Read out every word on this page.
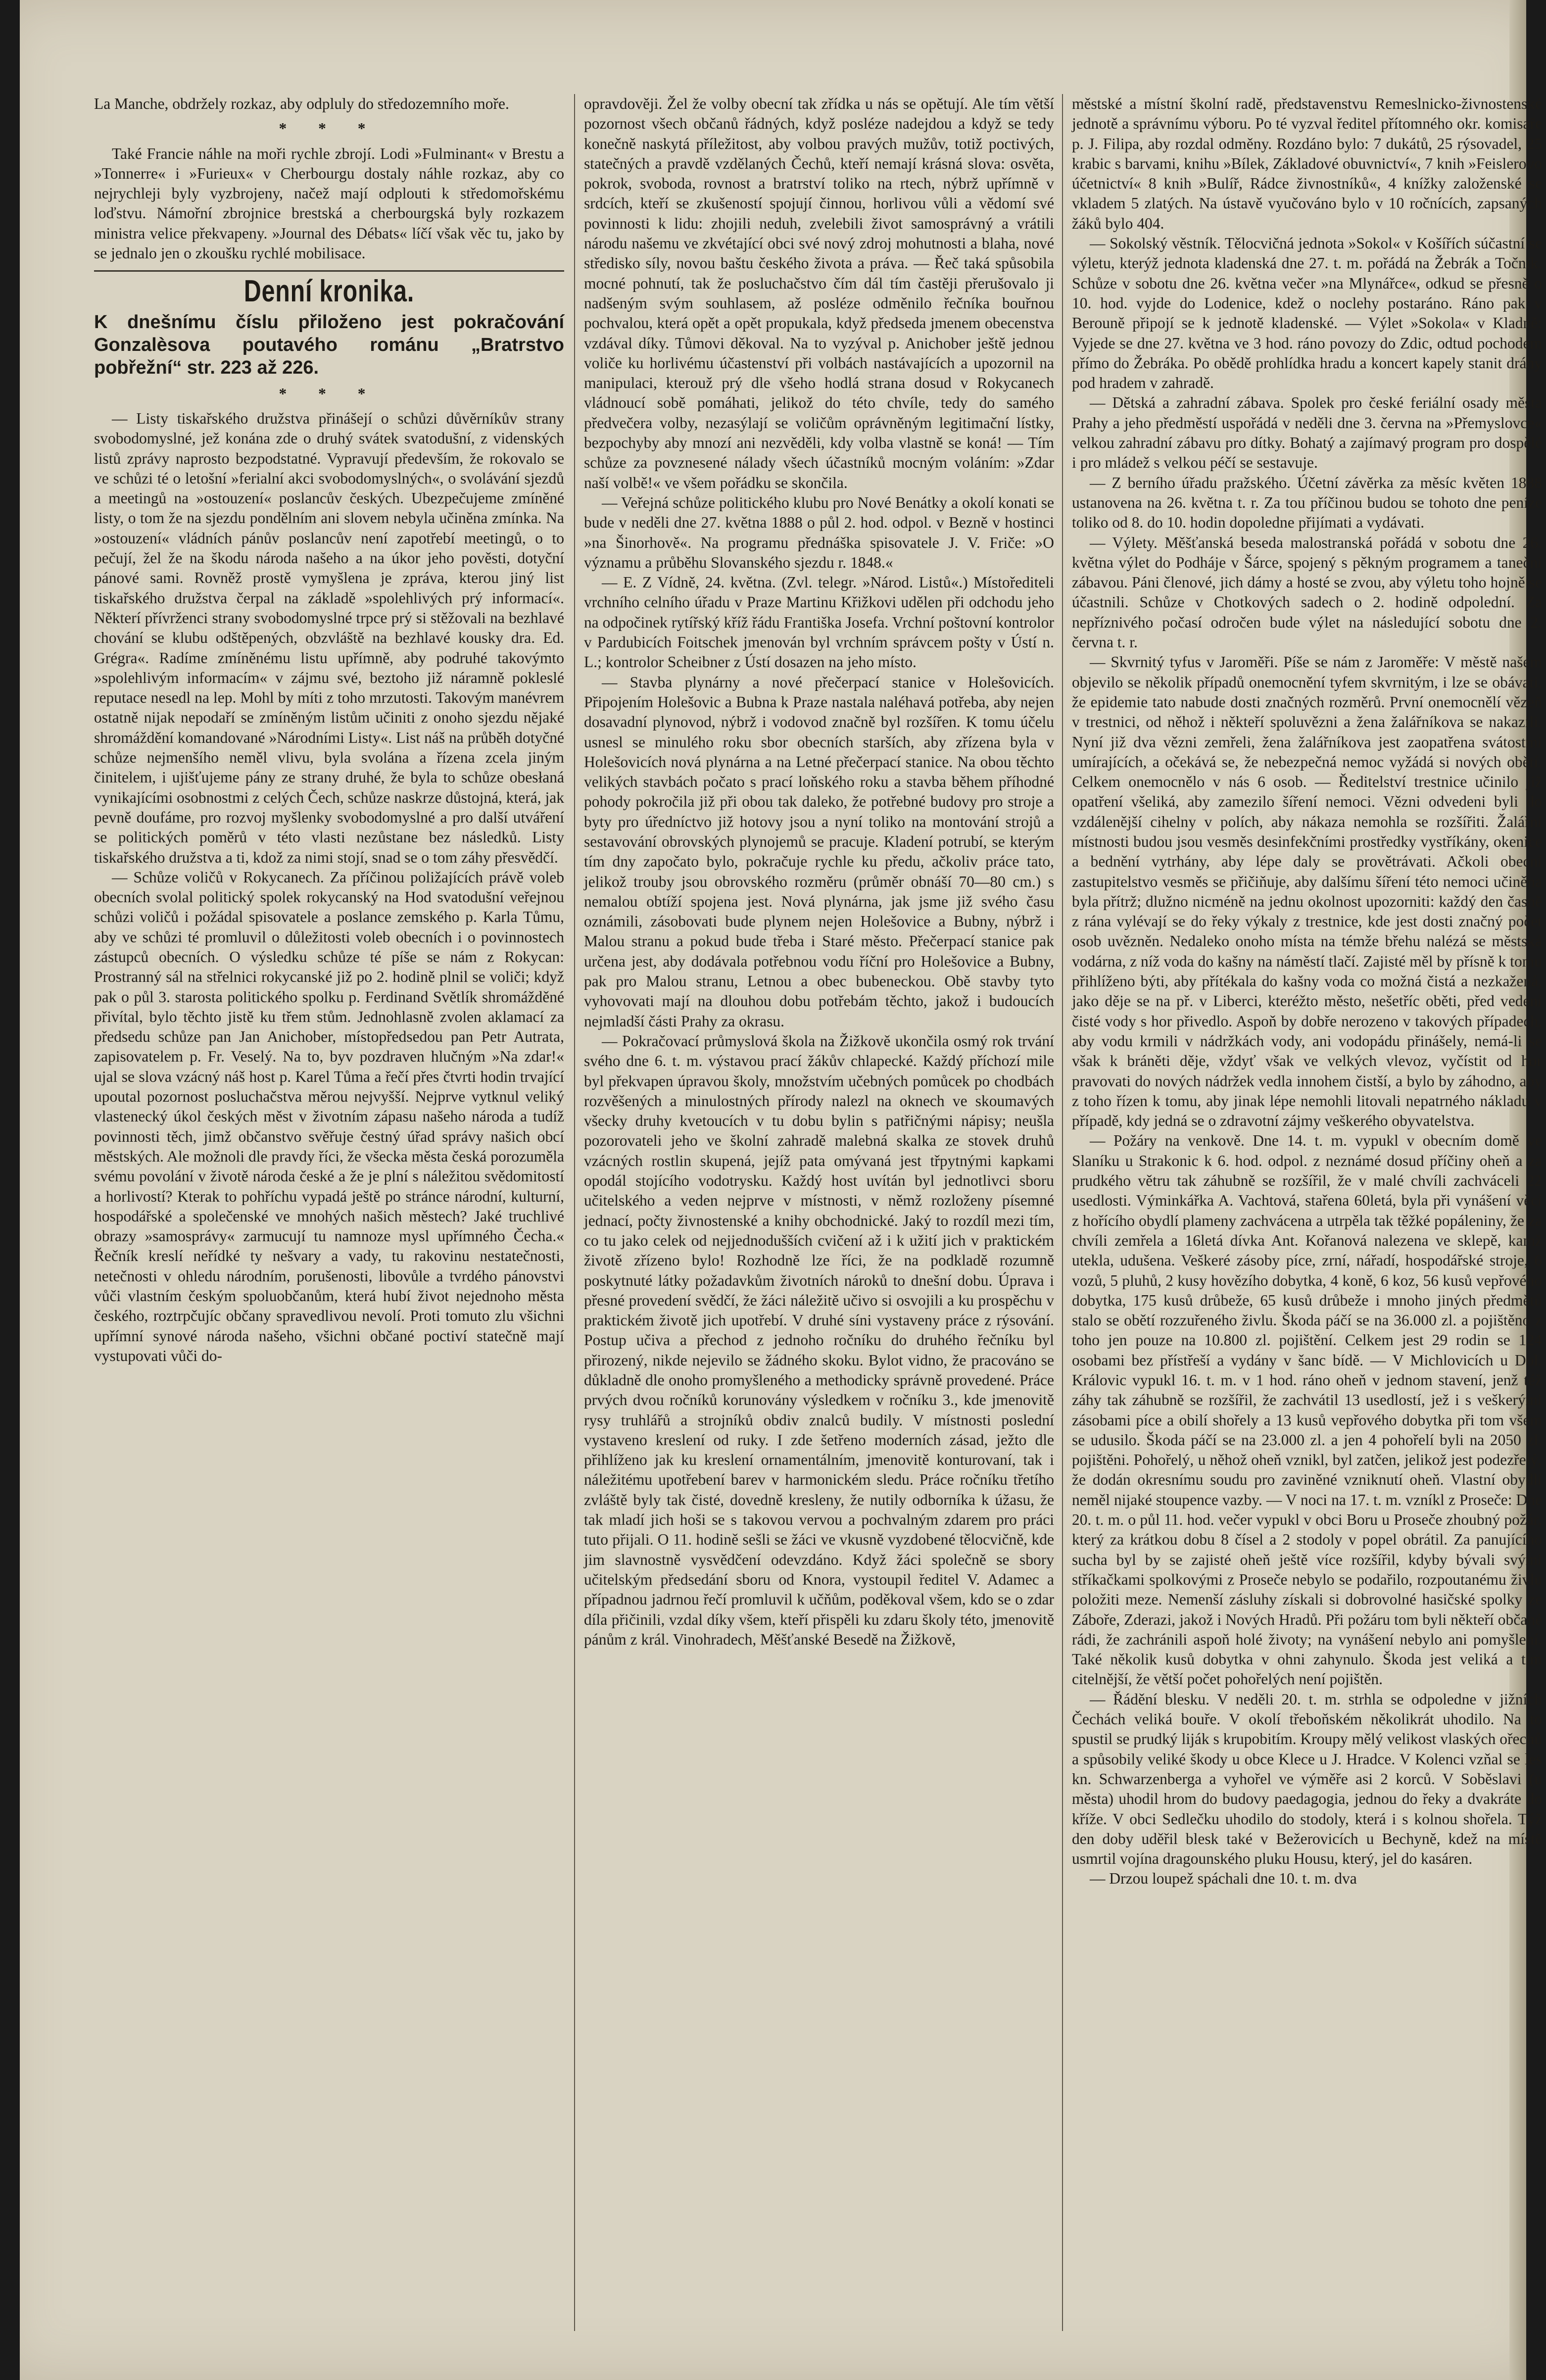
La Manche, obdržely rozkaz, aby odpluly do středozemního moře.

* * *

Také Francie náhle na moři rychle zbrojí. Lodi »Fulminant« v Brestu a »Tonnerre« i »Furieux« v Cherbourgu dostaly náhle rozkaz, aby co nejrychleji byly vyzbrojeny, načež mají odplouti k středomořskému loďstvu. Námořní zbrojnice brestská a cherbourgská byly rozkazem ministra velice překvapeny. »Journal des Débats« líčí však věc tu, jako by se jednalo jen o zkoušku rychlé mobilisace.

Denní kronika.
K dnešnímu číslu přiloženo jest pokračování Gonzalèsova poutavého románu „Bratrstvo pobřežní“ str. 223 až 226.
* * *

— Listy tiskařského družstva přinášejí o schůzi důvěrníkův strany svobodomyslné, jež konána zde o druhý svátek svatodušní, z videnských listů zprávy naprosto bezpodstatné. Vypravují především, že rokovalo se ve schůzi té o letošní »ferialní akci svobodomyslných«, o svolávání sjezdů a meetingů na »ostouzení« poslancův českých. Ubezpečujeme zmíněné listy, o tom že na sjezdu pondělním ani slovem nebyla učiněna zmínka. Na »ostouzení« vládních pánův poslancův není zapotřebí meetingů, o to pečují, žel že na škodu národa našeho a na úkor jeho pověsti, dotyční pánové sami. Rovněž prostě vymyšlena je zpráva, kterou jiný list tiskařského družstva čerpal na základě »spolehlivých prý informací«. Některí přívrženci strany svobodomyslné trpce prý si stěžovali na bezhlavé chování se klubu odštěpených, obzvláště na bezhlavé kousky dra. Ed. Grégra«. Radíme zmíněnému listu upřímně, aby podruhé takovýmto »spolehlivým informacím« v zájmu své, beztoho již náramně pokleslé reputace nesedl na lep. Mohl by míti z toho mrzutosti. Takovým manévrem ostatně nijak nepodaří se zmíněným listům učiniti z onoho sjezdu nějaké shromáždění komandované »Národními Listy«. List náš na průběh dotyčné schůze nejmenšího neměl vlivu, byla svolána a řízena zcela jiným činitelem, i ujišťujeme pány ze strany druhé, že byla to schůze obesłaná vynikajícími osobnostmi z celých Čech, schůze naskrze důstojná, která, jak pevně doufáme, pro rozvoj myšlenky svobodomyslné a pro další utváření se politických poměrů v této vlasti nezůstane bez následků. Listy tiskařského družstva a ti, kdož za nimi stojí, snad se o tom záhy přesvědčí.

— Schůze voličů v Rokycanech. Za příčinou poližajících právě voleb obecních svolal politický spolek rokycanský na Hod svatodušní veřejnou schůzi voličů i požádal spisovatele a poslance zemského p. Karla Tůmu, aby ve schůzi té promluvil o důležitosti voleb obecních i o povinnostech zástupců obecních. O výsledku schůze té píše se nám z Rokycan: Prostranný sál na střelnici rokycanské již po 2. hodině plnil se voliči; když pak o půl 3. starosta politického spolku p. Ferdinand Světlík shromážděné přivítal, bylo těchto jistě ku třem stům. Jednohlasně zvolen aklamací za předsedu schůze pan Jan Anichober, místopředsedou pan Petr Autrata, zapisovatelem p. Fr. Veselý. Na to, byv pozdraven hlučným »Na zdar!« ujal se slova vzácný náš host p. Karel Tůma a řečí přes čtvrti hodin trvající upoutal pozornost posluchačstva měrou nejvyšší. Nejprve vytknul veliký vlastenecký úkol českých měst v životním zápasu našeho národa a tudíž povinnosti těch, jimž občanstvo svěřuje čestný úřad správy našich obcí městských. Ale možnoli dle pravdy říci, že všecka města česká porozuměla svému povolání v životě národa české a že je plní s náležitou svědomitostí a horlivostí? Kterak to pohříchu vypadá ještě po stránce národní, kulturní, hospodářské a společenské ve mnohých našich městech? Jaké truchlivé obrazy »samosprávy« zarmucují tu namnoze mysl upřímného Čecha.« Řečník kreslí neřídké ty nešvary a vady, tu rakovinu nestatečnosti, netečnosti v ohledu národním, porušenosti, libovůle a tvrdého pánovstvi vůči vlastním českým spoluobčanům, která hubí život nejednoho města českého, roztrpčujíc občany spravedlivou nevolí. Proti tomuto zlu všichni upřímní synové národa našeho, všichni občané poctiví statečně mají vystupovati vůči do-

opravdověji. Žel že volby obecní tak zřídka u nás se opětují. Ale tím větší pozornost všech občanů řádných, když posléze nadejdou a když se tedy konečně naskytá příležitost, aby volbou pravých mužův, totiž poctivých, statečných a pravdě vzdělaných Čechů, kteří nemají krásná slova: osvěta, pokrok, svoboda, rovnost a bratrství toliko na rtech, nýbrž upřímně v srdcích, kteří se zkušeností spojují činnou, horlivou vůli a vědomí své povinnosti k lidu: zhojili neduh, zvelebili život samosprávný a vrátili národu našemu ve zkvétající obci své nový zdroj mohutnosti a blaha, nové středisko síly, novou baštu českého života a práva. — Řeč taká spůsobila mocné pohnutí, tak že posluchačstvo čím dál tím častěji přerušovalo ji nadšeným svým souhlasem, až posléze odměnilo řečníka bouřnou pochvalou, která opět a opět propukala, když předseda jmenem obecenstva vzdával díky. Tůmovi děkoval. Na to vyzýval p. Anichober ještě jednou voliče ku horlivému účastenství při volbách nastávajících a upozornil na manipulaci, kterouž prý dle všeho hodlá strana dosud v Rokycanech vládnoucí sobě pomáhati, jelikož do této chvíle, tedy do samého předvečera volby, nezasýlají se voličům oprávněným legitimační lístky, bezpochyby aby mnozí ani nezvěděli, kdy volba vlastně se koná! — Tím schůze za povznesené nálady všech účastníků mocným voláním: »Zdar naší volbě!« ve všem pořádku se skončila.

— Veřejná schůze politického klubu pro Nové Benátky a okolí konati se bude v neděli dne 27. května 1888 o půl 2. hod. odpol. v Bezně v hostinci »na Šinorhově«. Na programu přednáška spisovatele J. V. Friče: »O významu a průběhu Slovanského sjezdu r. 1848.«

— E. Z Vídně, 24. května. (Zvl. telegr. »Národ. Listů«.) Místořediteli vrchního celního úřadu v Praze Martinu Křižkovi udělen při odchodu jeho na odpočinek rytířský kříž řádu Františka Josefa. Vrchní poštovní kontrolor v Pardubicích Foitschek jmenován byl vrchním správcem pošty v Ústí n. L.; kontrolor Scheibner z Ústí dosazen na jeho místo.

— Stavba plynárny a nové přečerpací stanice v Holešovicích. Připojením Holešovic a Bubna k Praze nastala naléhavá potřeba, aby nejen dosavadní plynovod, nýbrž i vodovod značně byl rozšířen. K tomu účelu usnesl se minulého roku sbor obecních starších, aby zřízena byla v Holešovicích nová plynárna a na Letné přečerpací stanice. Na obou těchto velikých stavbách počato s prací loňského roku a stavba během příhodné pohody pokročila již při obou tak daleko, že potřebné budovy pro stroje a byty pro úředníctvo již hotovy jsou a nyní toliko na montování strojů a sestavování obrovských plynojemů se pracuje. Kladení potrubí, se kterým tím dny započato bylo, pokračuje rychle ku předu, ačkoliv práce tato, jelikož trouby jsou obrovského rozměru (průměr obnáší 70—80 cm.) s nemalou obtíží spojena jest. Nová plynárna, jak jsme již svého času oznámili, zásobovati bude plynem nejen Holešovice a Bubny, nýbrž i Malou stranu a pokud bude třeba i Staré město. Přečerpací stanice pak určena jest, aby dodávala potřebnou vodu říční pro Holešovice a Bubny, pak pro Malou stranu, Letnou a obec bubeneckou. Obě stavby tyto vyhovovati mají na dlouhou dobu potřebám těchto, jakož i budoucích nejmladší části Prahy za okrasu.

— Pokračovací průmyslová škola na Žižkově ukončila osmý rok trvání svého dne 6. t. m. výstavou prací žákův chlapecké. Každý příchozí mile byl překvapen úpravou školy, množstvím učebných pomůcek po chodbách rozvěšených a minulostných přírody nalezl na oknech ve skoumavých všecky druhy kvetoucích v tu dobu bylin s patřičnými nápisy; neušla pozorovateli jeho ve školní zahradě malebná skalka ze stovek druhů vzácných rostlin skupená, jejíž pata omývaná jest třpytnými kapkami opodál stojícího vodotrysku. Každý host uvítán byl jednotlivci sboru učitelského a veden nejprve v místnosti, v němž rozloženy písemné jednací, počty živnostenské a knihy obchodnické. Jaký to rozdíl mezi tím, co tu jako celek od nejjednodušších cvičení až i k užití jich v praktickém životě zřízeno bylo! Rozhodně lze říci, že na podkladě rozumně poskytnuté látky požadavkům životních nároků to dnešní dobu. Úprava i přesné provedení svědčí, že žáci náležitě učivo si osvojili a ku prospěchu v praktickém životě jich upotřebí. V druhé síni vystaveny práce z rýsování. Postup učiva a přechod z jednoho ročníku do druhého řečníku byl přirozený, nikde nejevilo se žádného skoku. Bylot vidno, že pracováno se důkladně dle onoho promyšleného a methodicky správně provedené. Práce prvých dvou ročníků korunovány výsledkem v ročníku 3., kde jmenovitě rysy truhlářů a strojníků obdiv znalců budily. V místnosti poslední vystaveno kreslení od ruky. I zde šetřeno moderních zásad, ježto dle přihlíženo jak ku kreslení ornamentálním, jmenovitě konturovaní, tak i náležitému upotřebení barev v harmonickém sledu. Práce ročníku třetího zvláště byly tak čisté, dovedně kresleny, že nutily odborníka k úžasu, že tak mladí jich hoši se s takovou vervou a pochvalným zdarem pro práci tuto přijali. O 11. hodině sešli se žáci ve vkusně vyzdobené tělocvičně, kde jim slavnostně vysvědčení odevzdáno. Když žáci společně se sbory učitelským předsedání sboru od Knora, vystoupil ředitel V. Adamec a případnou jadrnou řečí promluvil k učňům, poděkoval všem, kdo se o zdar díla přičinili, vzdal díky všem, kteří přispěli ku zdaru školy této, jmenovitě pánům z král. Vinohradech, Měšťanské Besedě na Žižkově,

městské a místní školní radě, představenstvu Remeslnicko-živnostenské jednotě a správnímu výboru. Po té vyzval ředitel přítomného okr. komisaře p. J. Filipa, aby rozdal odměny. Rozdáno bylo: 7 dukátů, 25 rýsovadel, 25 krabic s barvami, knihu »Bílek, Základové obuvnictví«, 7 knih »Feislerovo účetnictví« 8 knih »Bulíř, Rádce živnostníků«, 4 knížky založenské se vkladem 5 zlatých. Na ústavě vyučováno bylo v 10 ročnících, zapsaných žáků bylo 404.

— Sokolský věstník. Tělocvičná jednota »Sokol« v Košířích súčastní se výletu, kterýž jednota kladenská dne 27. t. m. pořádá na Žebrák a Točník. Schůze v sobotu dne 26. května večer »na Mlynářce«, odkud se přesně o 10. hod. vyjde do Lodenice, kdež o noclehy postaráno. Ráno pak v Berouně připojí se k jednotě kladenské. — Výlet »Sokola« v Kladně: Vyjede se dne 27. května ve 3 hod. ráno povozy do Zdic, odtud pochodem přímo do Žebráka. Po obědě prohlídka hradu a koncert kapely stanit dráhy pod hradem v zahradě.

— Dětská a zahradní zábava. Spolek pro české feriální osady města Prahy a jeho předměstí uspořádá v neděli dne 3. června na »Přemyslovce« velkou zahradní zábavu pro dítky. Bohatý a zajímavý program pro dospělé i pro mládež s velkou péčí se sestavuje.

— Z berního úřadu pražského. Účetní závěrka za měsíc květen 1888 ustanovena na 26. května t. r. Za tou příčinou budou se tohoto dne peníze toliko od 8. do 10. hodin dopoledne přijímati a vydávati.

— Výlety. Měšťanská beseda malostranská pořádá v sobotu dne 26. května výlet do Podháje v Šárce, spojený s pěkným programem a taneční zábavou. Páni členové, jich dámy a hosté se zvou, aby výletu toho hojně se účastnili. Schůze v Chotkových sadech o 2. hodině odpolední. Za nepříznivého počasí odročen bude výlet na následující sobotu dne 2. června t. r.

— Skvrnitý tyfus v Jaroměři. Píše se nám z Jaroměře: V městě našem objevilo se několik případů onemocnění tyfem skvrnitým, i lze se obávati, že epidemie tato nabude dosti značných rozměrů. První onemocnělí vězeň v trestnici, od něhož i někteří spoluvězni a žena žalářníkova se nakazili. Nyní již dva vězni zemřeli, žena žalářníkova jest zaopatřena svátostmi umírajících, a očekává se, že nebezpečná nemoc vyžádá si nových obětí. Celkem onemocnělo v nás 6 osob. — Ředitelství trestnice učinilo již opatření všeliká, aby zamezilo šíření nemoci. Vězni odvedeni byli do vzdálenější cihelny v polích, aby nákaza nemohla se rozšířiti. Žalářní místnosti budou jsou vesměs desinfekčními prostředky vystříkány, okenice a bednění vytrhány, aby lépe daly se provětrávati. Ačkoli obecní zastupitelstvo vesměs se přičiňuje, aby dalšímu šíření této nemoci učiněna byla přítrž; dlužno nicméně na jednu okolnost upozorniti: každý den časně z rána vylévají se do řeky výkaly z trestnice, kde jest dosti značný počet osob uvězněn. Nedaleko onoho místa na témže břehu nalézá se městská vodárna, z níž voda do kašny na náměstí tlačí. Zajisté měl by přísně k tomu přihlíženo býti, aby přítékala do kašny voda co možná čistá a nezkažená, jako děje se na př. v Liberci, kteréžto město, nešetříc oběti, před vedení čisté vody s hor přivedlo. Aspoň by dobře nerozeno v takových případech, aby vodu krmili v nádržkách vody, ani vodopádu přinášely, nemá-li se však k bráněti děje, vždyť však ve velkých vlevoz, vyčístit od hor pravovati do nových nádržek vedla innohem čistší, a bylo by záhodno, aby z toho řízen k tomu, aby jinak lépe nemohli litovali nepatrného nákladu v případě, kdy jedná se o zdravotní zájmy veškerého obyvatelstva.

— Požáry na venkově. Dne 14. t. m. vypukl v obecním domě ve Slaníku u Strakonic k 6. hod. odpol. z neznámé dosud příčiny oheň a za prudkého větru tak záhubně se rozšířil, že v malé chvíli zachváceli 22 usedlosti. Výminkářka A. Vachtová, stařena 60letá, byla při vynášení věcí z hořícího obydlí plameny zachvácena a utrpěla tak těžké popáleniny, že za chvíli zemřela a 16letá dívka Ant. Kořanová nalezena ve sklepě, kamž utekla, udušena. Veškeré zásoby píce, zrní, nářadí, hospodářské stroje, 6 vozů, 5 pluhů, 2 kusy hovězího dobytka, 4 koně, 6 koz, 56 kusů vepřového dobytka, 175 kusů drůbeže, 65 kusů drůbeže i mnoho jiných předmětů stalo se obětí rozzuřeného živlu. Škoda páčí se na 36.000 zl. a pojištěno z toho jen pouze na 10.800 zl. pojištění. Celkem jest 29 rodin se 124 osobami bez přístřeší a vydány v šanc bídě. — V Michlovicích u Dol. Královic vypukl 16. t. m. v 1 hod. ráno oheň v jednom stavení, jenž též záhy tak záhubně se rozšířil, že zachvátil 13 usedlostí, jež i s veškerými zásobami píce a obilí shořely a 13 kusů vepřového dobytka při tom všem se udusilo. Škoda páčí se na 23.000 zl. a jen 4 pohořelí byli na 2050 zl. pojištěni. Pohořelý, u něhož oheň vznikl, byl zatčen, jelikož jest podezřelý, že dodán okresnímu soudu pro zaviněné vzniknutí oheň. Vlastní obydlí neměl nijaké stoupence vazby. — V noci na 17. t. m. vzníkl z Proseče: Dne 20. t. m. o půl 11. hod. večer vypukl v obci Boru u Proseče zhoubný požár, který za krátkou dobu 8 čísel a 2 stodoly v popel obrátil. Za panujícího sucha byl by se zajisté oheň ještě více rozšířil, kdyby bývali svými stříkačkami spolkovými z Proseče nebylo se podařilo, rozpoutanému živlu položiti meze. Nemenší zásluhy získali si dobrovolné hasičské spolky ze Záboře, Zderazi, jakož i Nových Hradů. Při požáru tom byli někteří občané rádi, že zachránili aspoň holé životy; na vynášení nebylo ani pomyšlení. Také několik kusů dobytka v ohni zahynulo. Škoda jest veliká a tím citelnější, že větší počet pohořelých není pojištěn.

— Řádění blesku. V neděli 20. t. m. strhla se odpoledne v jižních Čechách veliká bouře. V okolí třeboňském několikrát uhodilo. Na to spustil se prudký liják s krupobitím. Kroupy mělý velikost vlaských ořechů a spůsobily veliké škody u obce Klece u J. Hradce. V Kolenci vzňal se les kn. Schwarzenberga a vyhořel ve výměře asi 2 korců. V Soběslavi (u města) uhodil hrom do budovy paedagogia, jednou do řeky a dvakráte do kříže. V obci Sedlečku uhodilo do stodoly, která i s kolnou shořela. Týž den doby uděřil blesk také v Bežerovicích u Bechyně, kdež na místě usmrtil vojína dragounského pluku Housu, který, jel do kasáren.

— Drzou loupež spáchali dne 10. t. m. dva
